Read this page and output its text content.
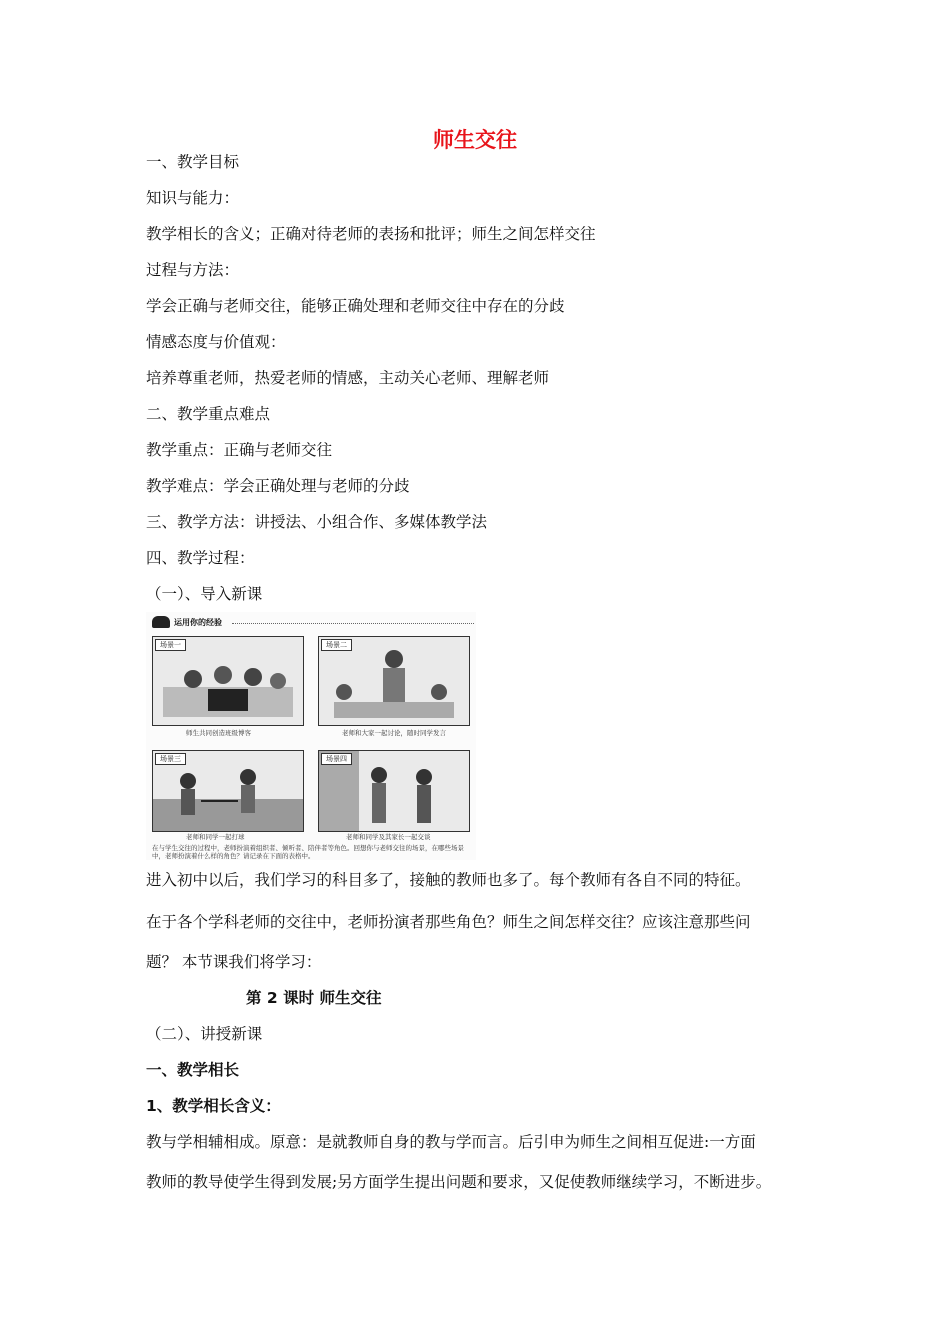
师生交往
一、教学目标
知识与能力：
教学相长的含义；正确对待老师的表扬和批评；师生之间怎样交往
过程与方法：
学会正确与老师交往，能够正确处理和老师交往中存在的分歧
情感态度与价值观：
培养尊重老师，热爱老师的情感，主动关心老师、理解老师
二、教学重点难点
教学重点：正确与老师交往
教学难点：学会正确处理与老师的分歧
三、教学方法：讲授法、小组合作、多媒体教学法
四、教学过程：
（一）、导入新课
运用你的经验
场景一
师生共同创造班级博客
场景二
老师和大家一起讨论，随时同学发言
场景三
老师和同学一起打球
场景四
老师和同学及其家长一起交谈
在与学生交往的过程中，老师扮演着组织者、倾听者、陪伴者等角色。回想你与老师交往的场景，在哪些场景中，老师扮演着什么样的角色？请记录在下面的表格中。
进入初中以后，我们学习的科目多了，接触的教师也多了。每个教师有各自不同的特征。
在于各个学科老师的交往中，老师扮演者那些角色？师生之间怎样交往？应该注意那些问
题？ 本节课我们将学习：
第 2 课时 师生交往
（二）、讲授新课
一、教学相长
1、教学相长含义：
教与学相辅相成。原意：是就教师自身的教与学而言。后引申为师生之间相互促进:一方面
教师的教导使学生得到发展;另方面学生提出问题和要求，又促使教师继续学习，不断进步。
